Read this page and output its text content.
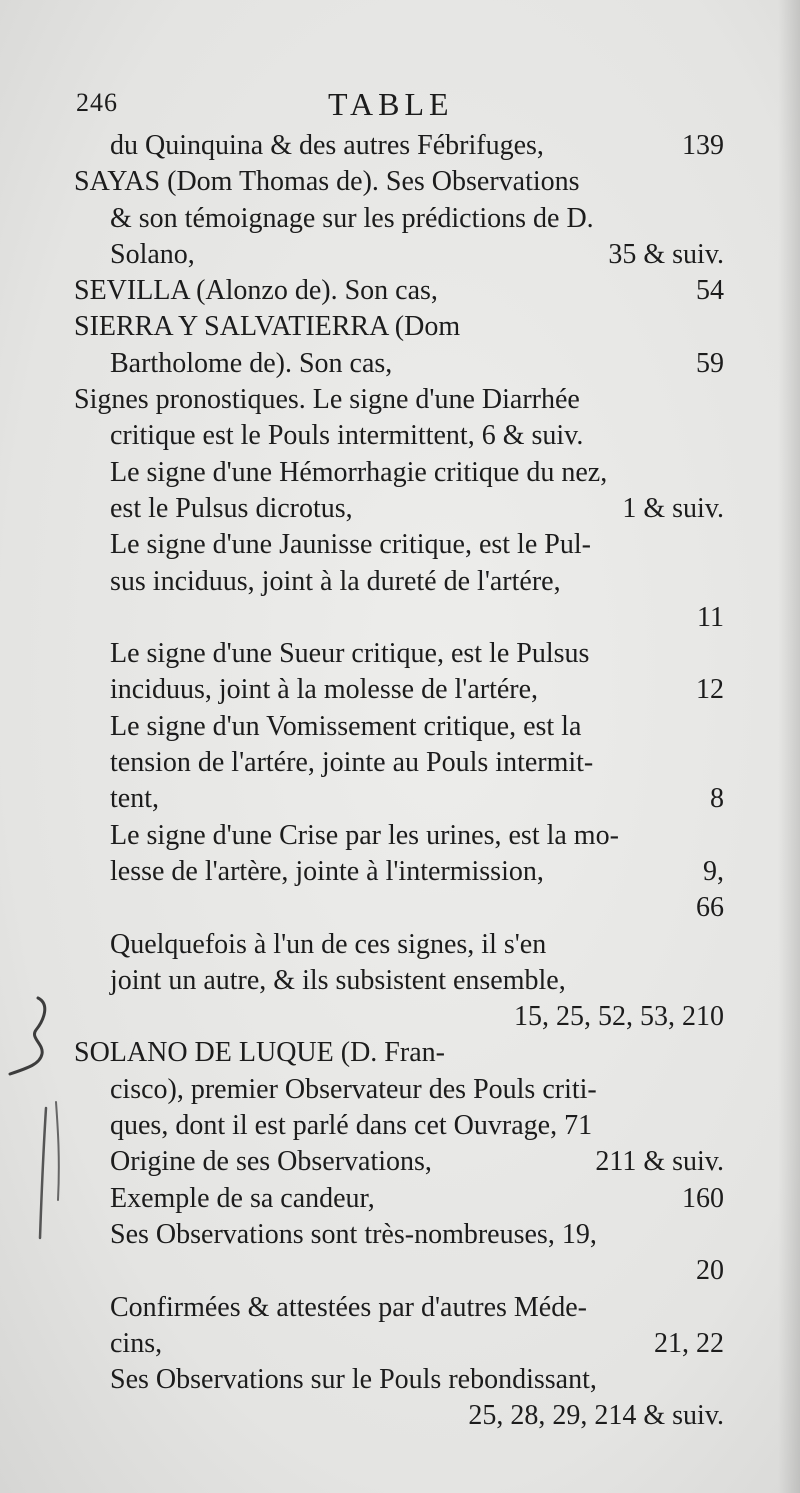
246	TABLE
du Quinquina & des autres Fébrifuges,	139
SAYAS (Dom Thomas de). Ses Observations
& son témoignage sur les prédictions de D.
Solano,	35 & suiv.
SEVILLA (Alonzo de). Son cas,	54
SIERRA Y SALVATIERRA (Dom
Bartholome de). Son cas,	59
Signes pronostiques. Le signe d'une Diarrhée
critique est le Pouls intermittent, 6 & suiv.
Le signe d'une Hémorrhagie critique du nez,
est le Pulsus dicrotus,	1 & suiv.
Le signe d'une Jaunisse critique, est le Pul-
sus inciduus, joint à la dureté de l'artére,
11
Le signe d'une Sueur critique, est le Pulsus
inciduus, joint à la molesse de l'artére,	12
Le signe d'un Vomissement critique, est la
tension de l'artére, jointe au Pouls intermit-
tent,	8
Le signe d'une Crise par les urines, est la mo-
lesse de l'artère, jointe à l'intermission,	9,
66
Quelquefois à l'un de ces signes, il s'en
joint un autre, & ils subsistent ensemble,
15, 25, 52, 53, 210
SOLANO DE LUQUE (D. Fran-
cisco), premier Observateur des Pouls criti-
ques, dont il est parlé dans cet Ouvrage, 71
Origine de ses Observations,	211 & suiv.
Exemple de sa candeur,	160
Ses Observations sont très-nombreuses, 19,
20
Confirmées & attestées par d'autres Méde-
cins,	21, 22
Ses Observations sur le Pouls rebondissant,
25, 28, 29, 214 & suiv.
